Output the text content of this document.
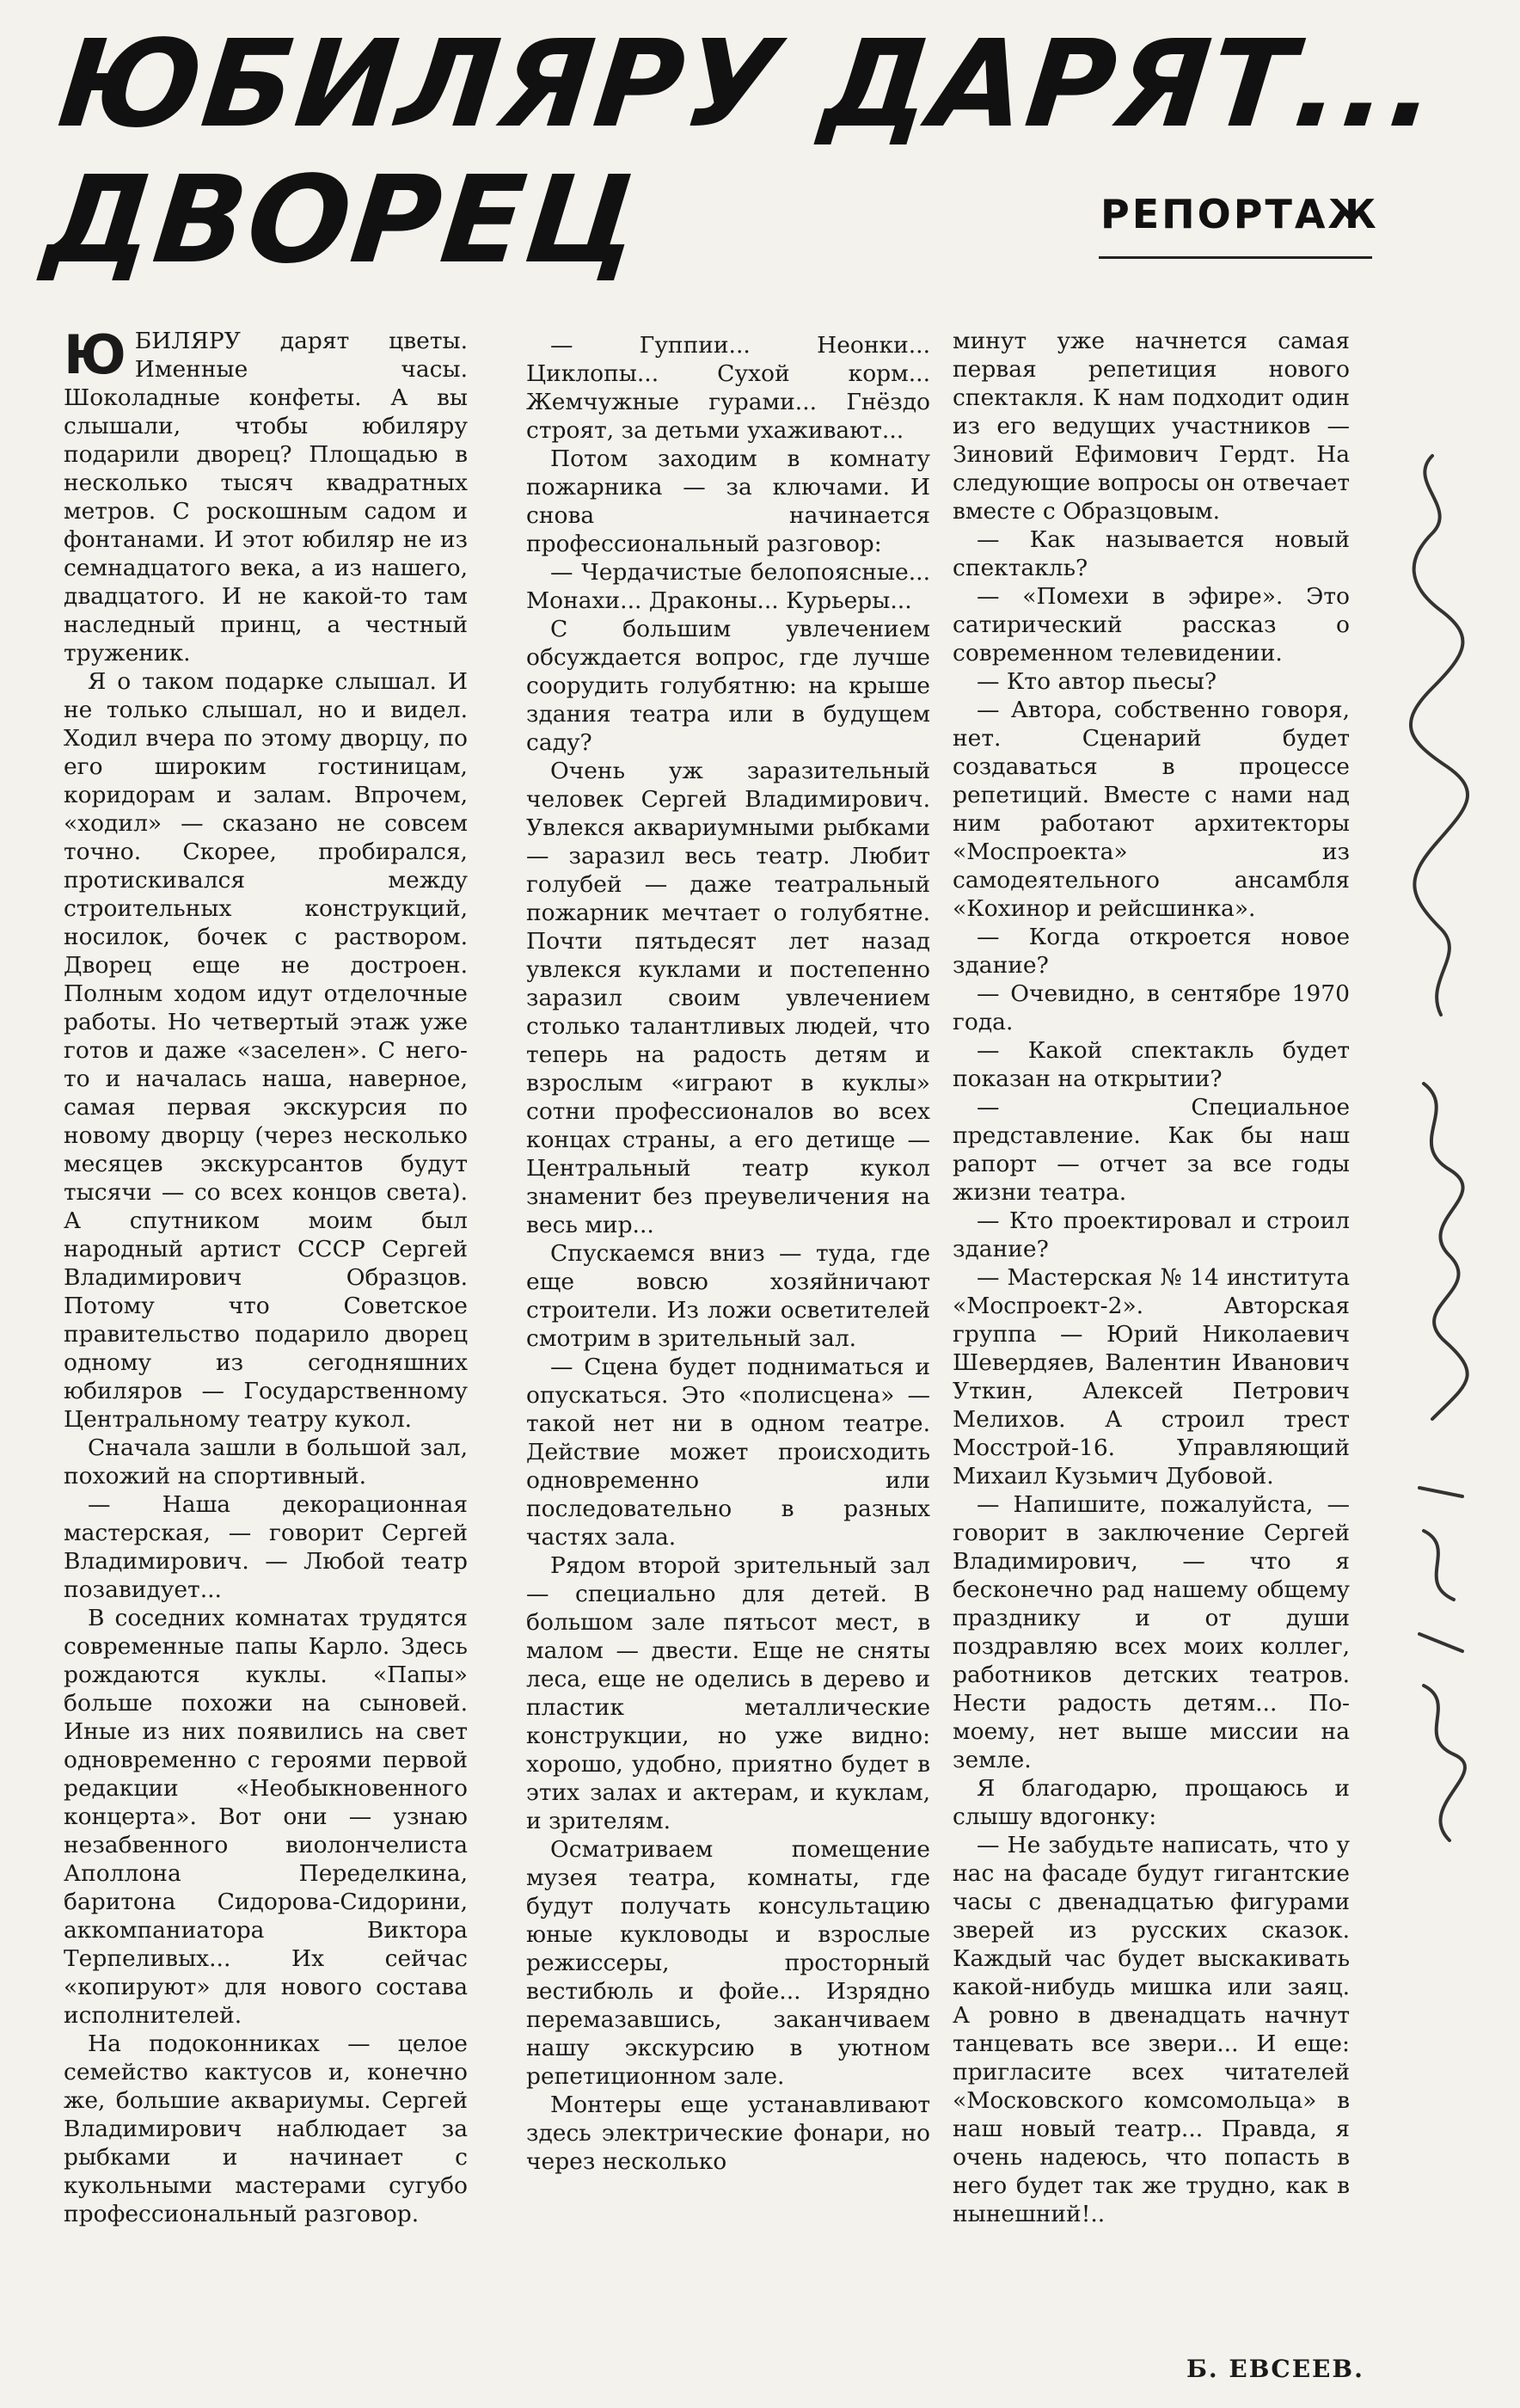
ЮБИЛЯРУ ДАРЯТ...
ДВОРЕЦ	РЕПОРТАЖ
Ю БИЛЯРУ дарят цветы. Именные часы. Шоколадные конфеты. А вы слышали, чтобы юбиляру подарили дворец? Площадью в несколько тысяч квадратных метров. С роскошным садом и фонтанами. И этот юбиляр не из семнадцатого века, а из нашего, двадцатого. И не какой-то там наследный принц, а честный труженик.

Я о таком подарке слышал. И не только слышал, но и видел. Ходил вчера по этому дворцу, по его широким гостиницам, коридорам и залам. Впрочем, «ходил» — сказано не совсем точно. Скорее, пробирался, протискивался между строительных конструкций, носилок, бочек с раствором. Дворец еще не достроен. Полным ходом идут отделочные работы. Но четвертый этаж уже готов и даже «заселен». С него-то и началась наша, наверное, самая первая экскурсия по новому дворцу (через несколько месяцев экскурсантов будут тысячи — со всех концов света). А спутником моим был народный артист СССР Сергей Владимирович Образцов. Потому что Советское правительство подарило дворец одному из сегодняшних юбиляров — Государственному Центральному театру кукол.

Сначала зашли в большой зал, похожий на спортивный.

— Наша декорационная мастерская, — говорит Сергей Владимирович. — Любой театр позавидует...

В соседних комнатах трудятся современные папы Карло. Здесь рождаются куклы. «Папы» больше похожи на сыновей. Иные из них появились на свет одновременно с героями первой редакции «Необыкновенного концерта». Вот они — узнаю незабвенного виолончелиста Аполлона Переделкина, баритона Сидорова-Сидорини, аккомпаниатора Виктора Терпеливых... Их сейчас «копируют» для нового состава исполнителей.

На подоконниках — целое семейство кактусов и, конечно же, большие аквариумы. Сергей Владимирович наблюдает за рыбками и начинает с кукольными мастерами сугубо профессиональный разговор.

— Гуппии... Неонки... Циклопы... Сухой корм... Жемчужные гурами... Гнёздо строят, за детьми ухаживают...

Потом заходим в комнату пожарника — за ключами. И снова начинается профессиональный разговор:

— Чердачистые белопоясные... Монахи... Драконы... Курьеры...

С большим увлечением обсуждается вопрос, где лучше соорудить голубятню: на крыше здания театра или в будущем саду?

Очень уж заразительный человек Сергей Владимирович. Увлекся аквариумными рыбками — заразил весь театр. Любит голубей — даже театральный пожарник мечтает о голубятне. Почти пятьдесят лет назад увлекся куклами и постепенно заразил своим увлечением столько талантливых людей, что теперь на радость детям и взрослым «играют в куклы» сотни профессионалов во всех концах страны, а его детище — Центральный театр кукол знаменит без преувеличения на весь мир...

Спускаемся вниз — туда, где еще вовсю хозяйничают строители. Из ложи осветителей смотрим в зрительный зал.

— Сцена будет подниматься и опускаться. Это «полисцена» — такой нет ни в одном театре. Действие может происходить одновременно или последовательно в разных частях зала.

Рядом второй зрительный зал — специально для детей. В большом зале пятьсот мест, в малом — двести. Еще не сняты леса, еще не оделись в дерево и пластик металлические конструкции, но уже видно: хорошо, удобно, приятно будет в этих залах и актерам, и куклам, и зрителям.

Осматриваем помещение музея театра, комнаты, где будут получать консультацию юные кукловоды и взрослые режиссеры, просторный вестибюль и фойе... Изрядно перемазавшись, заканчиваем нашу экскурсию в уютном репетиционном зале.

Монтеры еще устанавливают здесь электрические фонари, но через несколько

минут уже начнется самая первая репетиция нового спектакля. К нам подходит один из его ведущих участников — Зиновий Ефимович Гердт. На следующие вопросы он отвечает вместе с Образцовым.

— Как называется новый спектакль?

— «Помехи в эфире». Это сатирический рассказ о современном телевидении.

— Кто автор пьесы?

— Автора, собственно говоря, нет. Сценарий будет создаваться в процессе репетиций. Вместе с нами над ним работают архитекторы «Моспроекта» из самодеятельного ансамбля «Кохинор и рейсшинка».

— Когда откроется новое здание?

— Очевидно, в сентябре 1970 года.

— Какой спектакль будет показан на открытии?

— Специальное представление. Как бы наш рапорт — отчет за все годы жизни театра.

— Кто проектировал и строил здание?

— Мастерская № 14 института «Моспроект-2». Авторская группа — Юрий Николаевич Шевердяев, Валентин Иванович Уткин, Алексей Петрович Мелихов. А строил трест Мосстрой-16. Управляющий Михаил Кузьмич Дубовой.

— Напишите, пожалуйста, — говорит в заключение Сергей Владимирович, — что я бесконечно рад нашему общему празднику и от души поздравляю всех моих коллег, работников детских театров. Нести радость детям... По-моему, нет выше миссии на земле.

Я благодарю, прощаюсь и слышу вдогонку:

— Не забудьте написать, что у нас на фасаде будут гигантские часы с двенадцатью фигурами зверей из русских сказок. Каждый час будет выскакивать какой-нибудь мишка или заяц. А ровно в двенадцать начнут танцевать все звери... И еще: пригласите всех читателей «Московского комсомольца» в наш новый театр... Правда, я очень надеюсь, что попасть в него будет так же трудно, как в нынешний!..

Б. ЕВСЕЕВ.
